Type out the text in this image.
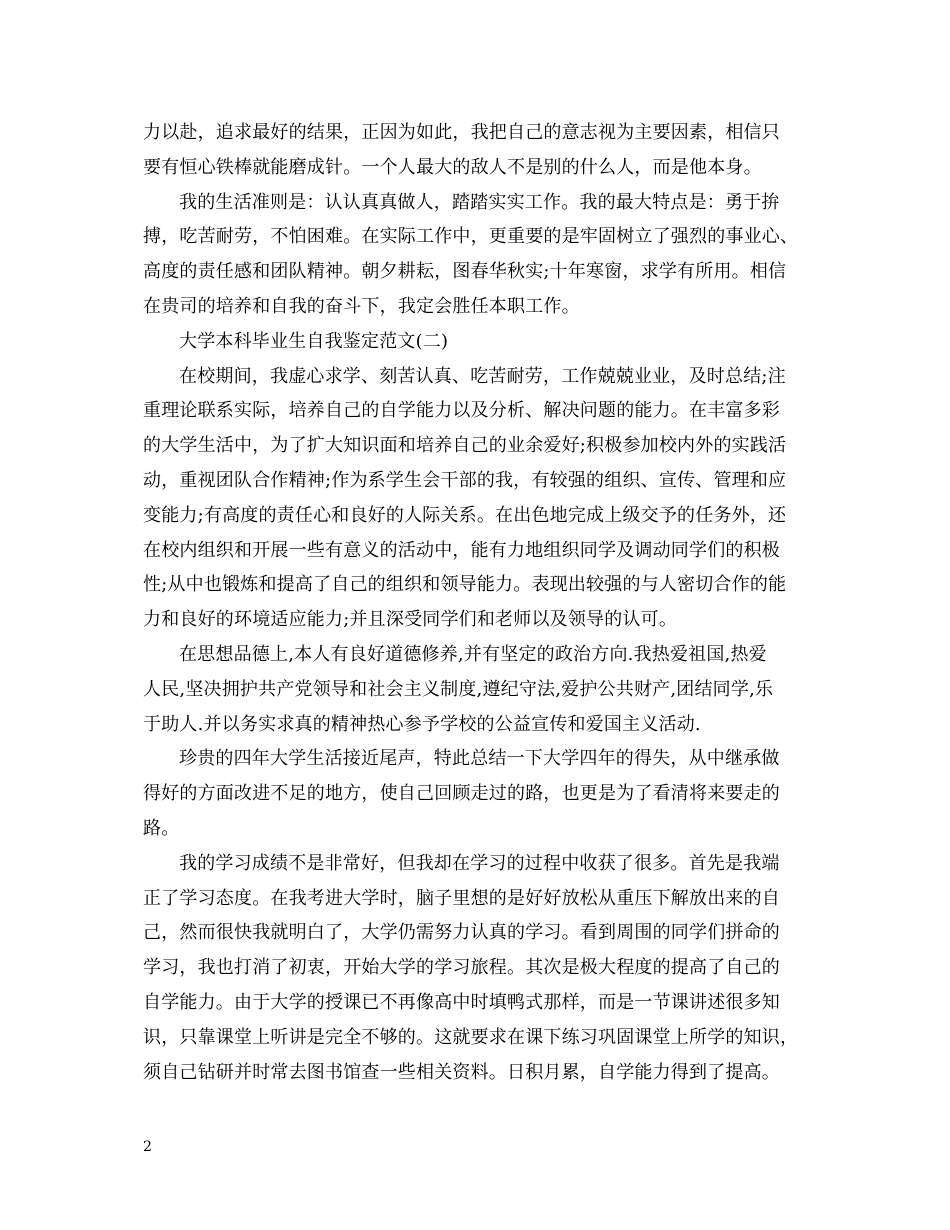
力以赴，追求最好的结果，正因为如此，我把自己的意志视为主要因素，相信只
要有恒心铁棒就能磨成针。一个人最大的敌人不是别的什么人，而是他本身。
我的生活准则是：认认真真做人，踏踏实实工作。我的最大特点是：勇于拚
搏，吃苦耐劳，不怕困难。在实际工作中，更重要的是牢固树立了强烈的事业心、
高度的责任感和团队精神。朝夕耕耘，图春华秋实;十年寒窗，求学有所用。相信
在贵司的培养和自我的奋斗下，我定会胜任本职工作。
大学本科毕业生自我鉴定范文(二)
在校期间，我虚心求学、刻苦认真、吃苦耐劳，工作兢兢业业，及时总结;注
重理论联系实际，培养自己的自学能力以及分析、解决问题的能力。在丰富多彩
的大学生活中，为了扩大知识面和培养自己的业余爱好;积极参加校内外的实践活
动，重视团队合作精神;作为系学生会干部的我，有较强的组织、宣传、管理和应
变能力;有高度的责任心和良好的人际关系。在出色地完成上级交予的任务外，还
在校内组织和开展一些有意义的活动中，能有力地组织同学及调动同学们的积极
性;从中也锻炼和提高了自己的组织和领导能力。表现出较强的与人密切合作的能
力和良好的环境适应能力;并且深受同学们和老师以及领导的认可。
在思想品德上,本人有良好道德修养,并有坚定的政治方向.我热爱祖国,热爱
人民,坚决拥护共产党领导和社会主义制度,遵纪守法,爱护公共财产,团结同学,乐
于助人.并以务实求真的精神热心参予学校的公益宣传和爱国主义活动.
珍贵的四年大学生活接近尾声，特此总结一下大学四年的得失，从中继承做
得好的方面改进不足的地方，使自己回顾走过的路，也更是为了看清将来要走的
路。
我的学习成绩不是非常好，但我却在学习的过程中收获了很多。首先是我端
正了学习态度。在我考进大学时，脑子里想的是好好放松从重压下解放出来的自
己，然而很快我就明白了，大学仍需努力认真的学习。看到周围的同学们拼命的
学习，我也打消了初衷，开始大学的学习旅程。其次是极大程度的提高了自己的
自学能力。由于大学的授课已不再像高中时填鸭式那样，而是一节课讲述很多知
识，只靠课堂上听讲是完全不够的。这就要求在课下练习巩固课堂上所学的知识，
须自己钻研并时常去图书馆查一些相关资料。日积月累，自学能力得到了提高。
2
